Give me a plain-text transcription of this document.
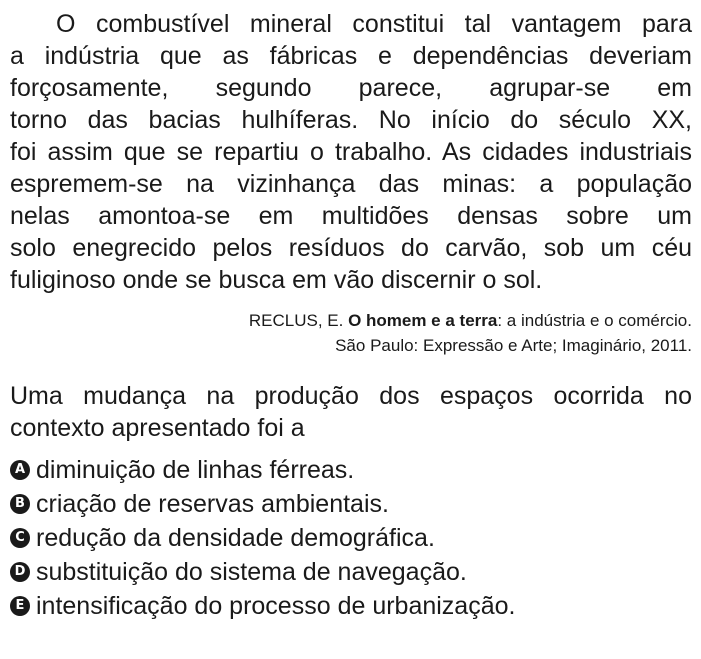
O combustível mineral constitui tal vantagem para
a indústria que as fábricas e dependências deveriam
forçosamente, segundo parece, agrupar-se em
torno das bacias hulhíferas. No início do século XX,
foi assim que se repartiu o trabalho. As cidades industriais
espremem-se na vizinhança das minas: a população
nelas amontoa-se em multidões densas sobre um
solo enegrecido pelos resíduos do carvão, sob um céu
fuliginoso onde se busca em vão discernir o sol.
RECLUS, E. O homem e a terra: a indústria e o comércio.
São Paulo: Expressão e Arte; Imaginário, 2011.
Uma mudança na produção dos espaços ocorrida no
contexto apresentado foi a
A diminuição de linhas férreas.
B criação de reservas ambientais.
C redução da densidade demográfica.
D substituição do sistema de navegação.
E intensificação do processo de urbanização.
